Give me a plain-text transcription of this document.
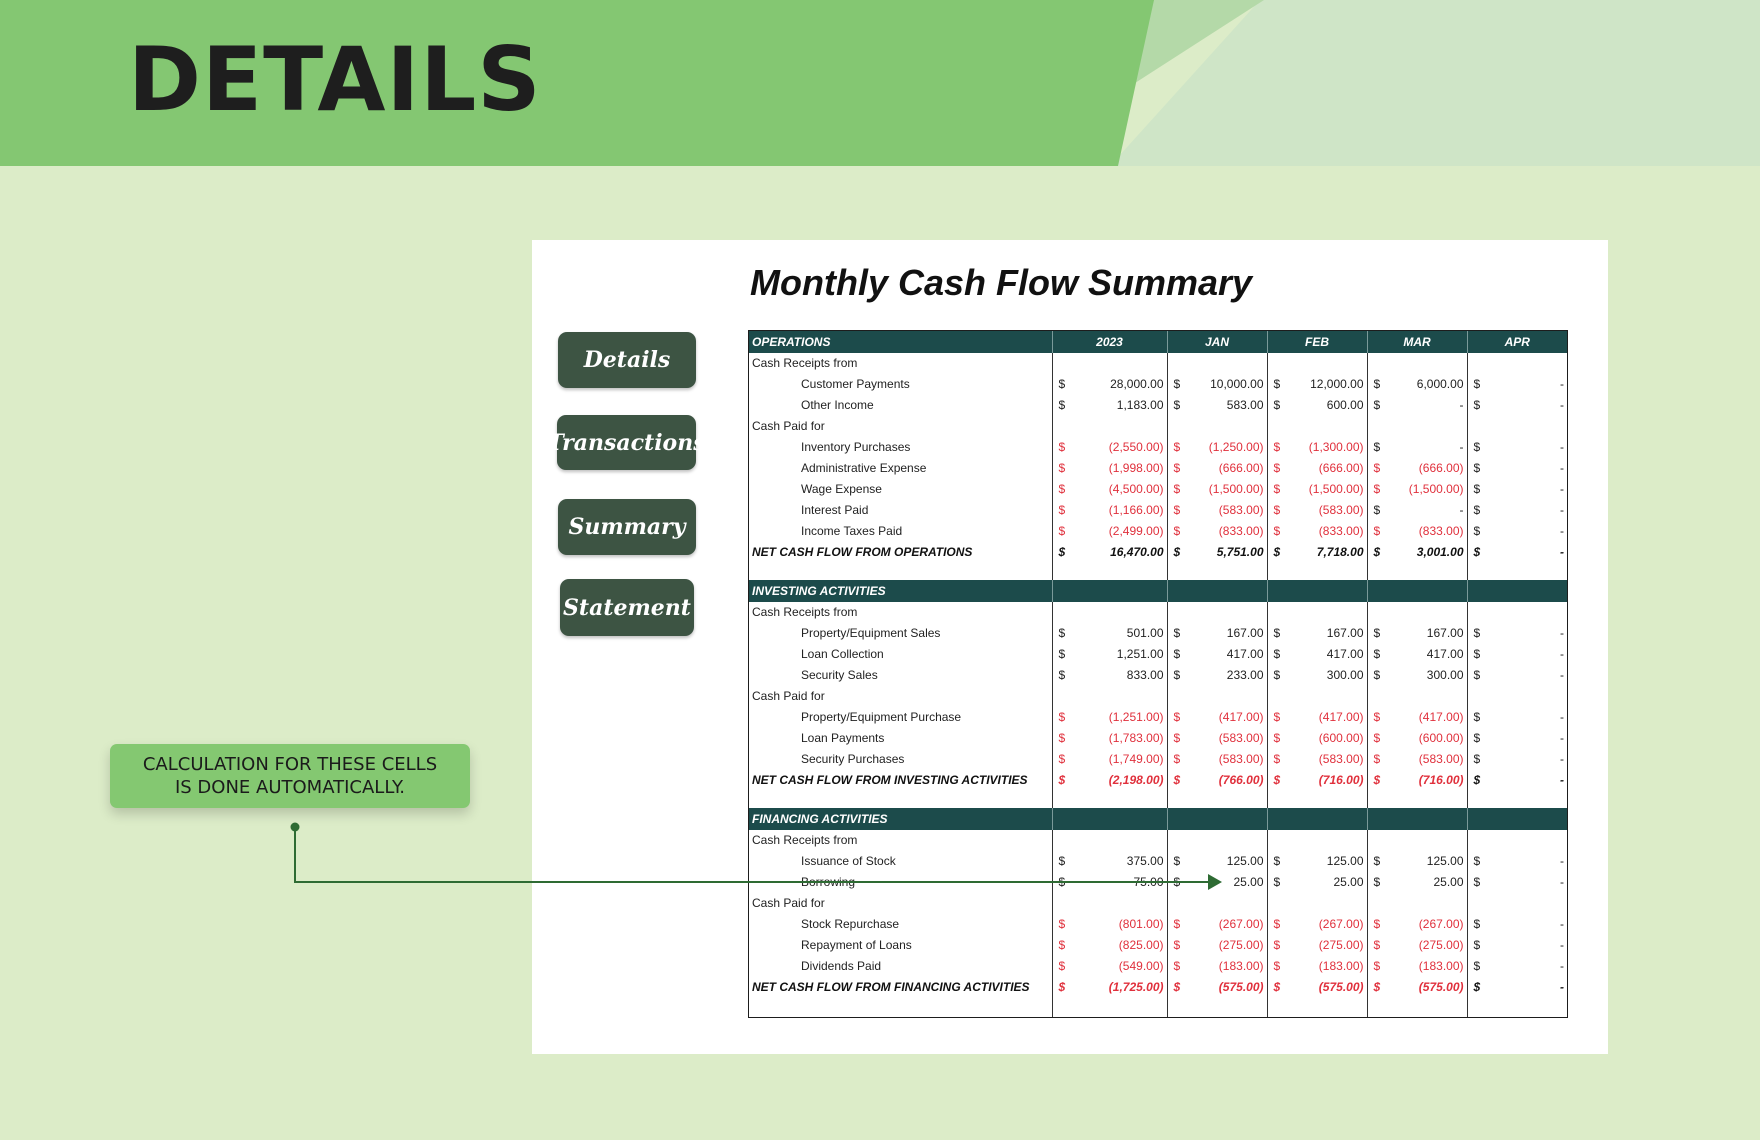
DETAILS
Monthly Cash Flow Summary
Details
Transactions
Summary
Statement
CALCULATION FOR THESE CELLS
IS DONE AUTOMATICALLY.
OPERATIONS	2023	JAN	FEB	MAR	APR
Cash Receipts from					
Customer Payments	$ 28,000.00	$ 10,000.00	$ 12,000.00	$ 6,000.00	$ -

Other Income	$ 1,183.00	$ 583.00	$ 600.00	$ -	$ -

Cash Paid for					
Inventory Purchases	$ (2,550.00)	$ (1,250.00)	$ (1,300.00)	$ -	$ -

Administrative Expense	$ (1,998.00)	$ (666.00)	$ (666.00)	$ (666.00)	$ -

Wage Expense	$ (4,500.00)	$ (1,500.00)	$ (1,500.00)	$ (1,500.00)	$ -

Interest Paid	$ (1,166.00)	$ (583.00)	$ (583.00)	$ -	$ -

Income Taxes Paid	$ (2,499.00)	$ (833.00)	$ (833.00)	$ (833.00)	$ -

NET CASH FLOW FROM OPERATIONS	$ 16,470.00	$ 5,751.00	$ 7,718.00	$ 3,001.00	$ -

INVESTING ACTIVITIES					
Cash Receipts from					
Property/Equipment Sales	$ 501.00	$ 167.00	$ 167.00	$ 167.00	$ -

Loan Collection	$ 1,251.00	$ 417.00	$ 417.00	$ 417.00	$ -

Security Sales	$ 833.00	$ 233.00	$ 300.00	$ 300.00	$ -

Cash Paid for					
Property/Equipment Purchase	$ (1,251.00)	$ (417.00)	$ (417.00)	$ (417.00)	$ -

Loan Payments	$ (1,783.00)	$ (583.00)	$ (600.00)	$ (600.00)	$ -

Security Purchases	$ (1,749.00)	$ (583.00)	$ (583.00)	$ (583.00)	$ -

NET CASH FLOW FROM INVESTING ACTIVITIES	$ (2,198.00)	$ (766.00)	$ (716.00)	$ (716.00)	$ -

FINANCING ACTIVITIES					
Cash Receipts from					
Issuance of Stock	$ 375.00	$ 125.00	$ 125.00	$ 125.00	$ -

Borrowing	$ 75.00	$ 25.00	$ 25.00	$ 25.00	$ -

Cash Paid for					
Stock Repurchase	$ (801.00)	$ (267.00)	$ (267.00)	$ (267.00)	$ -

Repayment of Loans	$ (825.00)	$ (275.00)	$ (275.00)	$ (275.00)	$ -

Dividends Paid	$ (549.00)	$ (183.00)	$ (183.00)	$ (183.00)	$ -

NET CASH FLOW FROM FINANCING ACTIVITIES	$ (1,725.00)	$ (575.00)	$ (575.00)	$ (575.00)	$ -
